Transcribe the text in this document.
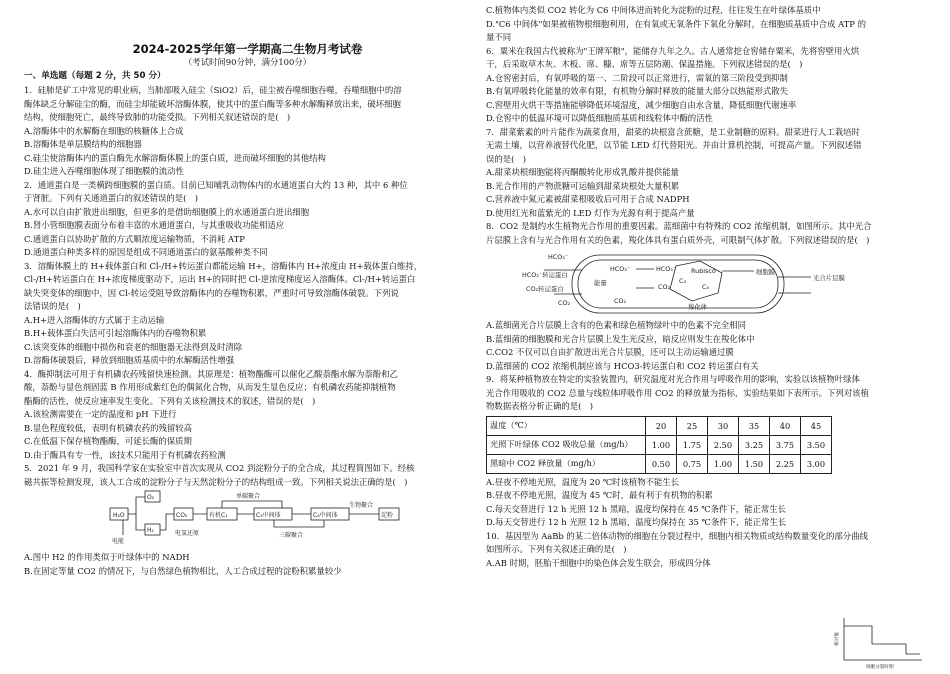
2024-2025学年第一学期高二生物月考试卷
（考试时间90分钟，满分100分）
一、单选题（每题 2 分，共 50 分）
1．硅肺是矿工中常见的职业病，当肺部吸入硅尘（SiO2）后，硅尘被吞噬细胞吞噬，吞噬细胞中的溶
酶体缺乏分解硅尘的酶，而硅尘却能破坏溶酶体膜，使其中的蛋白酶等多种水解酶释放出来，破坏细胞
结构，使细胞死亡，最终导致肺的功能受损。下列相关叙述错误的是(　)
A.溶酶体中的水解酶在细胞的核糖体上合成
B.溶酶体是单层膜结构的细胞器
C.硅尘使溶酶体内的蛋白酶先水解溶酶体膜上的蛋白质，进而破坏细胞的其他结构
D.硅尘进入吞噬细胞体现了细胞膜的流动性
2．通道蛋白是一类横跨细胞膜的蛋白质。目前已知哺乳动物体内的水通道蛋白大约 13 种，其中 6 种位
于肾脏。下列有关通道蛋白的叙述错误的是(　)
A.水可以自由扩散进出细胞，但更多的是借助细胞膜上的水通道蛋白进出细胞
B.肾小管细胞膜表面分布着丰富的水通道蛋白，与其重吸收功能相适应
C.通道蛋白以协助扩散的方式顺浓度运输物质，不消耗 ATP
D.通道蛋白种类多样的原因是组成不同通道蛋白的氨基酸种类不同
3．溶酶体膜上的 H+载体蛋白和 Cl-/H+转运蛋白都能运输 H+，溶酶体内 H+浓度由 H+载体蛋白维持，
Cl-/H+转运蛋白在 H+浓度梯度驱动下，运出 H+的同时把 Cl-逆浓度梯度运入溶酶体。Cl-/H+转运蛋白
缺失突变体的细胞中，因 Cl-转运受阻导致溶酶体内的吞噬物积累，严重时可导致溶酶体破裂。下列说
法错误的是(　)
A.H+进入溶酶体的方式属于主动运输
B.H+载体蛋白失活可引起溶酶体内的吞噬物积累
C.该突变体的细胞中损伤和衰老的细胞器无法得到及时清除
D.溶酶体破裂后，释放到细胞质基质中的水解酶活性增强
4．酶抑制法可用于有机磷农药残留快速检测。其原理是：植物酯酶可以催化乙酸萘酯水解为萘酚和乙
酸，萘酚与显色剂固蓝 B 作用形成紫红色的偶氮化合物，从而发生显色反应；有机磷农药能抑制植物
酯酶的活性，使反应速率发生变化。下列有关该检测技术的叙述，错误的是(　)
A.该检测需要在一定的温度和 pH 下进行
B.显色程度较低，表明有机磷农药的残留较高
C.在低温下保存植物酯酶，可延长酶的保质期
D.由于酶具有专一性，该技术只能用于有机磷农药检测
5．2021 年 9 月，我国科学家在实验室中首次实现从 CO2 到淀粉分子的全合成，其过程简图如下。经核
磁共振等检测发现，该人工合成的淀粉分子与天然淀粉分子的结构组成一致。下列相关说法正确的是(　)
H₂O
O₂
H₂
CO₂	有机C₁	C₃中间体	C₆中间体	淀粉
电能
电氢还原
单碳聚合
三碳聚合
生物聚合
A.图中 H2 的作用类似于叶绿体中的 NADH
B.在固定等量 CO2 的情况下，与自然绿色植物相比，人工合成过程的淀粉积累量较少
C.植物体内类似 CO2 转化为 C6 中间体进而转化为淀粉的过程，往往发生在叶绿体基质中
D."C6 中间体"如果被植物根细胞利用，在有氧或无氧条件下氧化分解时，在细胞质基质中合成 ATP 的
量不同
6．粟米在我国古代被称为"王牌军粮"，能储存九年之久。古人通常挖仓窖储存粟米，先将窖壁用火烘
干，后采取草木灰、木板、席、糠、席等五层防潮、保温措施。下列叙述错误的是(　)
A.仓窖密封后，有氧呼吸的第一、二阶段可以正常进行，需氧的第三阶段受到抑制
B.有氧呼吸转化能量的效率有限，有机物分解时释放的能量大部分以热能形式散失
C.窖壁用火烘干等措施能够降低环境湿度，减少细胞自由水含量，降低细胞代谢速率
D.仓窖中的低温环境可以降低细胞质基质和线粒体中酶的活性
7．甜菜紫素的叶片能作为蔬菜食用，甜菜的块根富含蔗糖，是工业制糖的原料。甜菜进行人工栽培时
无需土壤，以营养液替代化肥，以节能 LED 灯代替阳光。并由计算机控制，可提高产量。下列叙述错
误的是(　)
A.甜菜块根细胞能将丙酮酸转化形成乳酸并提供能量
B.光合作用的产物蔗糖可运输到甜菜块根处大量积累
C.营养液中氮元素被甜菜根吸收后可用于合成 NADPH
D.使用红光和蓝紫光的 LED 灯作为光源有利于提高产量
8．CO2 是制约水生植物光合作用的重要因素。蓝细菌中有特殊的 CO2 浓缩机制，如图所示。其中光合
片层膜上含有与光合作用有关的色素，羧化体具有蛋白质外壳，可限制气体扩散。下列叙述错误的是(　)
HCO₃⁻
HCO₃⁻转运蛋白
CO₂转运蛋白
CO₂
HCO₃⁻
能量
CO₂
HCO₃⁻
CO₂
C₃
Rubisco
C₅
羧化体
细胞膜
光合片层膜
A.蓝细菌光合片层膜上含有的色素和绿色植物绿叶中的色素不完全相同
B.蓝细菌的细胞膜和光合片层膜上发生光反应，暗反应则发生在羧化体中
C.CO2 不仅可以自由扩散进出光合片层膜，还可以主动运输通过膜
D.蓝细菌的 CO2 浓缩机制应该与 HCO3-转运蛋白和 CO2 转运蛋白有关
9．将某种植物放在特定的实验装置内，研究温度对光合作用与呼吸作用的影响，实验以该植物叶绿体
光合作用吸收的 CO2 总量与线粒体呼吸作用 CO2 的释放量为指标，实验结果如下表所示。下列对该植
物数据表格分析正确的是(　)
温度（℃）	20	25	30	35	40	45
光照下叶绿体 CO2 吸收总量（mg/h）	1.00	1.75	2.50	3.25	3.75	3.50
黑暗中 CO2 释放量（mg/h）	0.50	0.75	1.00	1.50	2.25	3.00
A.昼夜不停地光照，温度为 20 ℃时该植物不能生长
B.昼夜不停地光照，温度为 45 ℃时，最有利于有机物的积累
C.每天交替进行 12 h 光照 12 h 黑暗，温度均保持在 45 ℃条件下，能正常生长
D.每天交替进行 12 h 光照 12 h 黑暗，温度均保持在 35 ℃条件下，能正常生长
10．基因型为 AaBb 的某二倍体动物的细胞在分裂过程中，细胞内相关物质或结构数量变化的部分曲线
如图所示。下列有关叙述正确的是(　)
A.AB 时期，胚胎干细胞中的染色体会发生联会，形成四分体
相对值
细胞分裂时期
